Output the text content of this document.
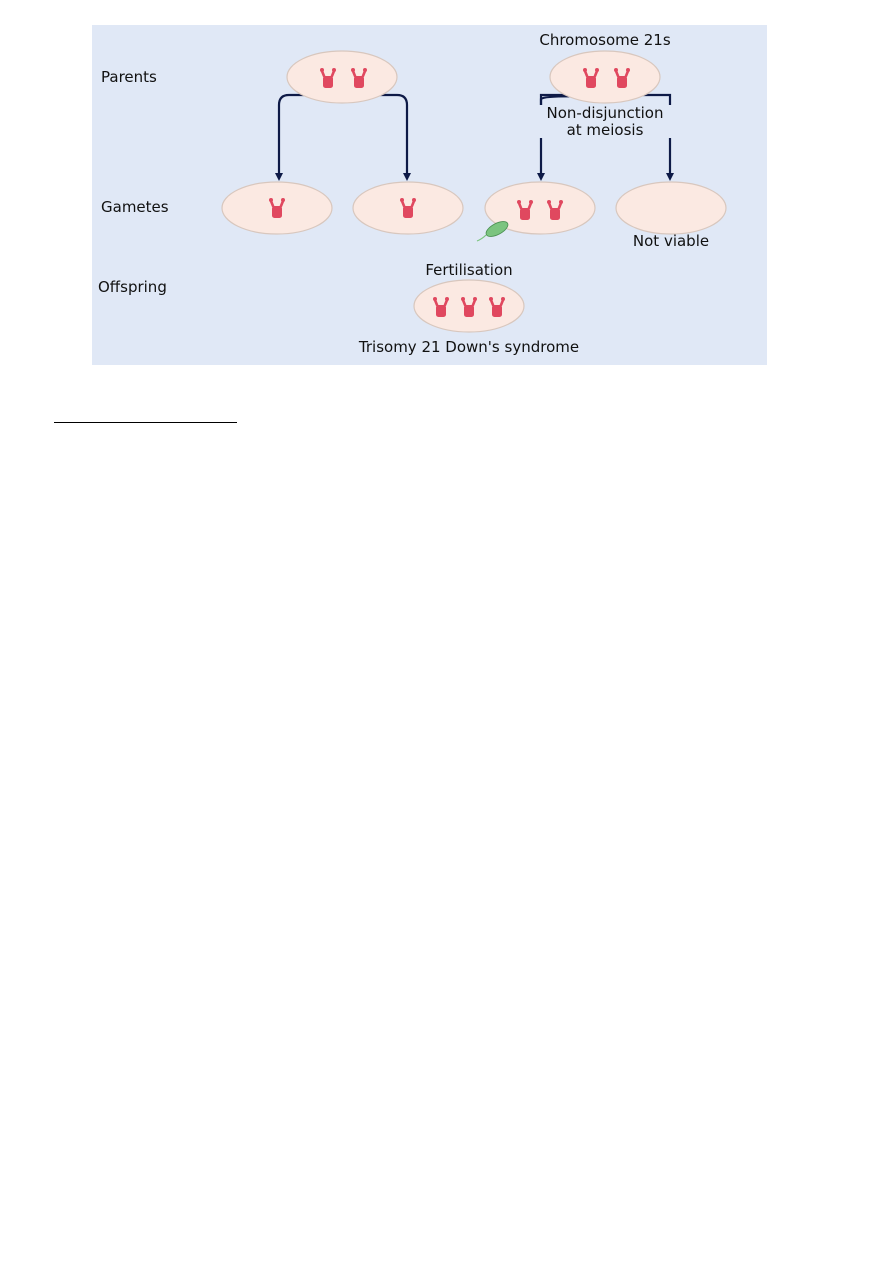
Chromosome 21s
Parents
Gametes
Offspring
Non-disjunction
at meiosis
Not viable
Fertilisation
Trisomy 21 Down's syndrome
